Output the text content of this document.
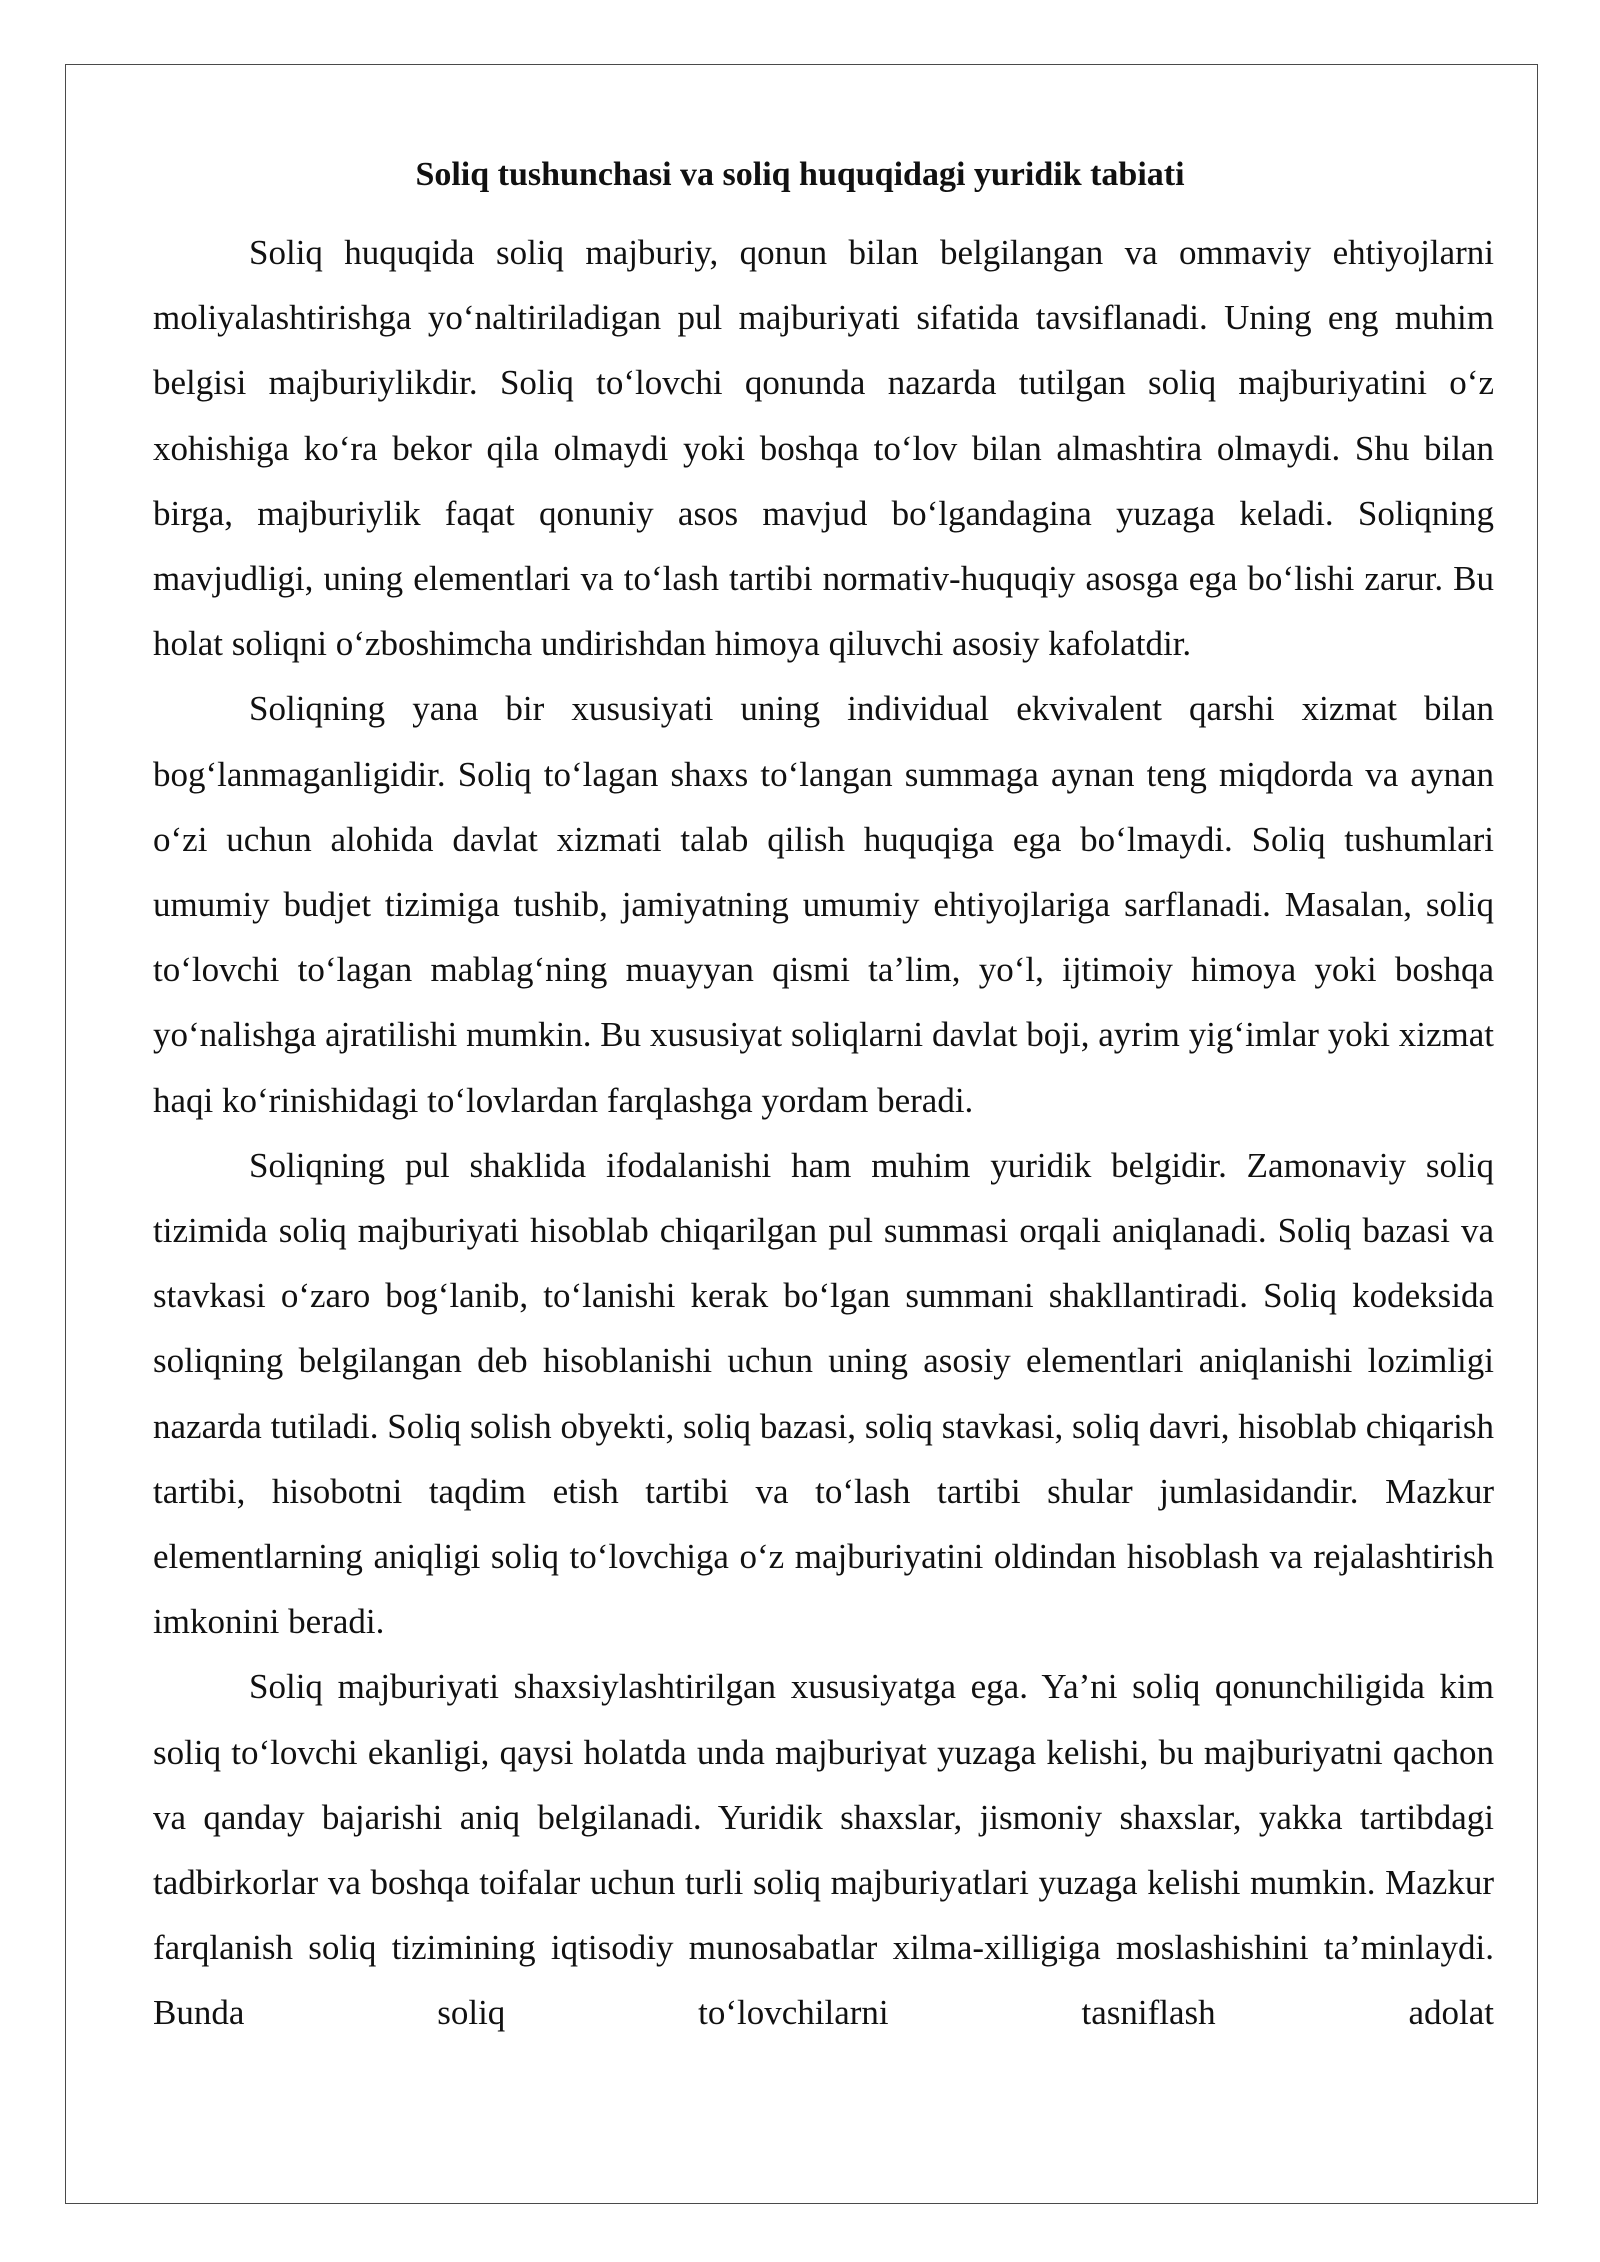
Soliq tushunchasi va soliq huquqidagi yuridik tabiati

Soliq huquqida soliq majburiy, qonun bilan belgilangan va ommaviy ehtiyojlarni moliyalashtirishga yo‘naltiriladigan pul majburiyati sifatida tavsiflanadi. Uning eng muhim belgisi majburiylikdir. Soliq to‘lovchi qonunda nazarda tutilgan soliq majburiyatini o‘z xohishiga ko‘ra bekor qila olmaydi yoki boshqa to‘lov bilan almashtira olmaydi. Shu bilan birga, majburiylik faqat qonuniy asos mavjud bo‘lgandagina yuzaga keladi. Soliqning mavjudligi, uning elementlari va to‘lash tartibi normativ-huquqiy asosga ega bo‘lishi zarur. Bu holat soliqni o‘zboshimcha undirishdan himoya qiluvchi asosiy kafolatdir.

Soliqning yana bir xususiyati uning individual ekvivalent qarshi xizmat bilan bog‘lanmaganligidir. Soliq to‘lagan shaxs to‘langan summaga aynan teng miqdorda va aynan o‘zi uchun alohida davlat xizmati talab qilish huquqiga ega bo‘lmaydi. Soliq tushumlari umumiy budjet tizimiga tushib, jamiyatning umumiy ehtiyojlariga sarflanadi. Masalan, soliq to‘lovchi to‘lagan mablag‘ning muayyan qismi ta’lim, yo‘l, ijtimoiy himoya yoki boshqa yo‘nalishga ajratilishi mumkin. Bu xususiyat soliqlarni davlat boji, ayrim yig‘imlar yoki xizmat haqi ko‘rinishidagi to‘lovlardan farqlashga yordam beradi.

Soliqning pul shaklida ifodalanishi ham muhim yuridik belgidir. Zamonaviy soliq tizimida soliq majburiyati hisoblab chiqarilgan pul summasi orqali aniqlanadi. Soliq bazasi va stavkasi o‘zaro bog‘lanib, to‘lanishi kerak bo‘lgan summani shakllantiradi. Soliq kodeksida soliqning belgilangan deb hisoblanishi uchun uning asosiy elementlari aniqlanishi lozimligi nazarda tutiladi. Soliq solish obyekti, soliq bazasi, soliq stavkasi, soliq davri, hisoblab chiqarish tartibi, hisobotni taqdim etish tartibi va to‘lash tartibi shular jumlasidandir. Mazkur elementlarning aniqligi soliq to‘lovchiga o‘z majburiyatini oldindan hisoblash va rejalashtirish imkonini beradi.

Soliq majburiyati shaxsiylashtirilgan xususiyatga ega. Ya’ni soliq qonunchiligida kim soliq to‘lovchi ekanligi, qaysi holatda unda majburiyat yuzaga kelishi, bu majburiyatni qachon va qanday bajarishi aniq belgilanadi. Yuridik shaxslar, jismoniy shaxslar, yakka tartibdagi tadbirkorlar va boshqa toifalar uchun turli soliq majburiyatlari yuzaga kelishi mumkin. Mazkur farqlanish soliq tizimining iqtisodiy munosabatlar xilma-xilligiga moslashishini ta’minlaydi. Bunda soliq to‘lovchilarni tasniflash adolat
